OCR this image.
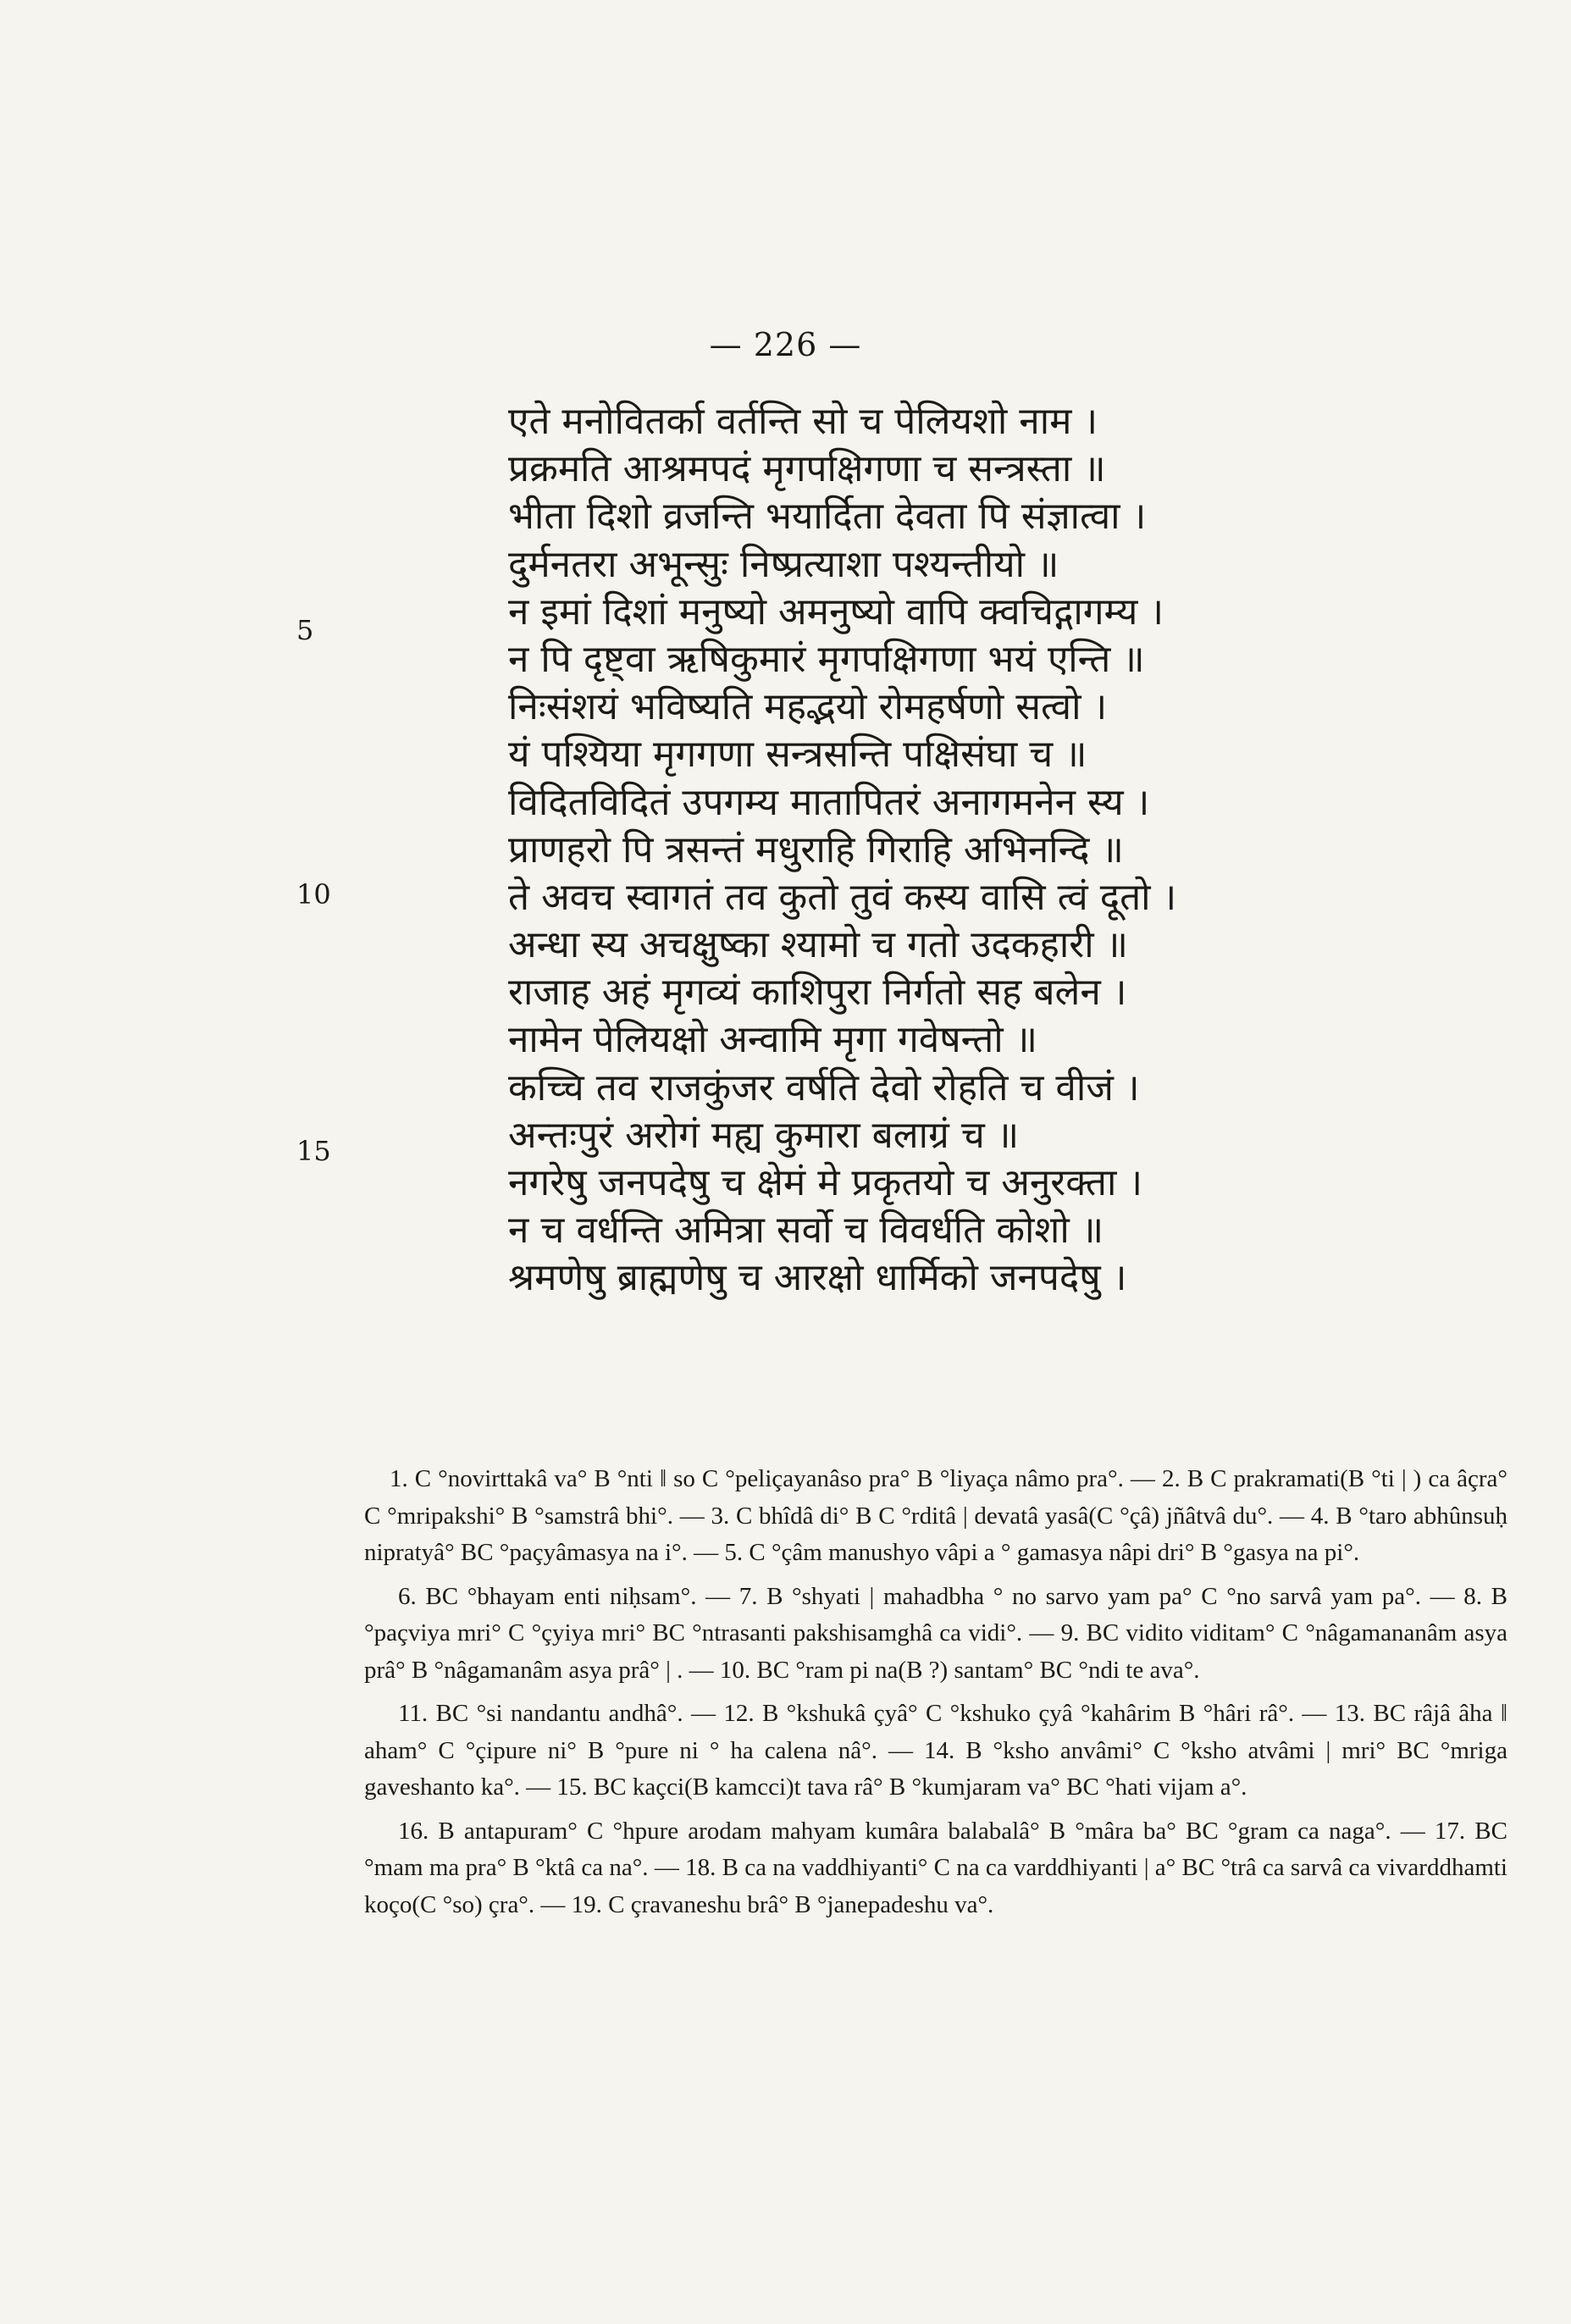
— 226 —
एते मनोवितर्का वर्तन्ति सो च पेलियशो नाम ।
प्रक्रमति आश्रमपदं मृगपक्षिगणा च सन्त्रस्ता ॥
भीता दिशो व्रजन्ति भयार्दिता देवता पि संज्ञात्वा ।
दुर्मनतरा अभून्सुः निष्प्रत्याशा पश्यन्तीयो ॥
न इमां दिशां मनुष्यो अमनुष्यो वापि क्वचिद्गागम्य ।
न पि दृष्ट्वा ऋषिकुमारं मृगपक्षिगणा भयं एन्ति ॥
निःसंशयं भविष्यति महद्भयो रोमहर्षणो सत्वो ।
यं पश्यिया मृगगणा सन्त्रसन्ति पक्षिसंघा च ॥
विदितविदितं उपगम्य मातापितरं अनागमनेन स्य ।
प्राणहरो पि त्रसन्तं मधुराहि गिराहि अभिनन्दि ॥
ते अवच स्वागतं तव कुतो तुवं कस्य वासि त्वं दूतो ।
अन्धा स्य अचक्षुष्का श्यामो च गतो उदकहारी ॥
राजाह अहं मृगव्यं काशिपुरा निर्गतो सह बलेन ।
नामेन पेलियक्षो अन्वामि मृगा गवेषन्तो ॥
कच्चि तव राजकुंजर वर्षति देवो रोहति च वीजं ।
अन्तःपुरं अरोगं मह्य कुमारा बलाग्रं च ॥
नगरेषु जनपदेषु च क्षेमं मे प्रकृतयो च अनुरक्ता ।
न च वर्धन्ति अमित्रा सर्वो च विवर्धति कोशो ॥
श्रमणेषु ब्राह्मणेषु च आरक्षो धार्मिको जनपदेषु ।
5
10
15

1. C °novirttakâ va° B °nti ‖ so C °peliçayanâso pra° B °liyaça nâmo pra°. — 2. B C prakramati(B °ti | ) ca âçra° C °mripakshi° B °samstrâ bhi°. — 3. C bhîdâ di° B C °rditâ | devatâ yasâ(C °çâ) jñâtvâ du°. — 4. B °taro abhûnsuḥ nipratyâ° BC °paçyâmasya na i°. — 5. C °çâm manushyo vâpi a ° gamasya nâpi dri° B °gasya na pi°.

6. BC °bhayam enti niḥsam°. — 7. B °shyati | mahadbha ° no sarvo yam pa° C °no sarvâ yam pa°. — 8. B °paçviya mri° C °çyiya mri° BC °ntrasanti pakshisamghâ ca vidi°. — 9. BC vidito viditam° C °nâgamananâm asya prâ° B °nâgamanâm asya prâ° | . — 10. BC °ram pi na(B ?) santam° BC °ndi te ava°.

11. BC °si nandantu andhâ°. — 12. B °kshukâ çyâ° C °kshuko çyâ °kahârim B °hâri râ°. — 13. BC râjâ âha ‖ aham° C °çipure ni° B °pure ni ° ha calena nâ°. — 14. B °ksho anvâmi° C °ksho atvâmi | mri° BC °mriga gaveshanto ka°. — 15. BC kaçci(B kamcci)t tava râ° B °kumjaram va° BC °hati vijam a°.

16. B antapuram° C °hpure arodam mahyam kumâra balabalâ° B °mâra ba° BC °gram ca naga°. — 17. BC °mam ma pra° B °ktâ ca na°. — 18. B ca na vaddhiyanti° C na ca varddhiyanti | a° BC °trâ ca sarvâ ca vivarddhamti koço(C °so) çra°. — 19. C çravaneshu brâ° B °janepadeshu va°.
